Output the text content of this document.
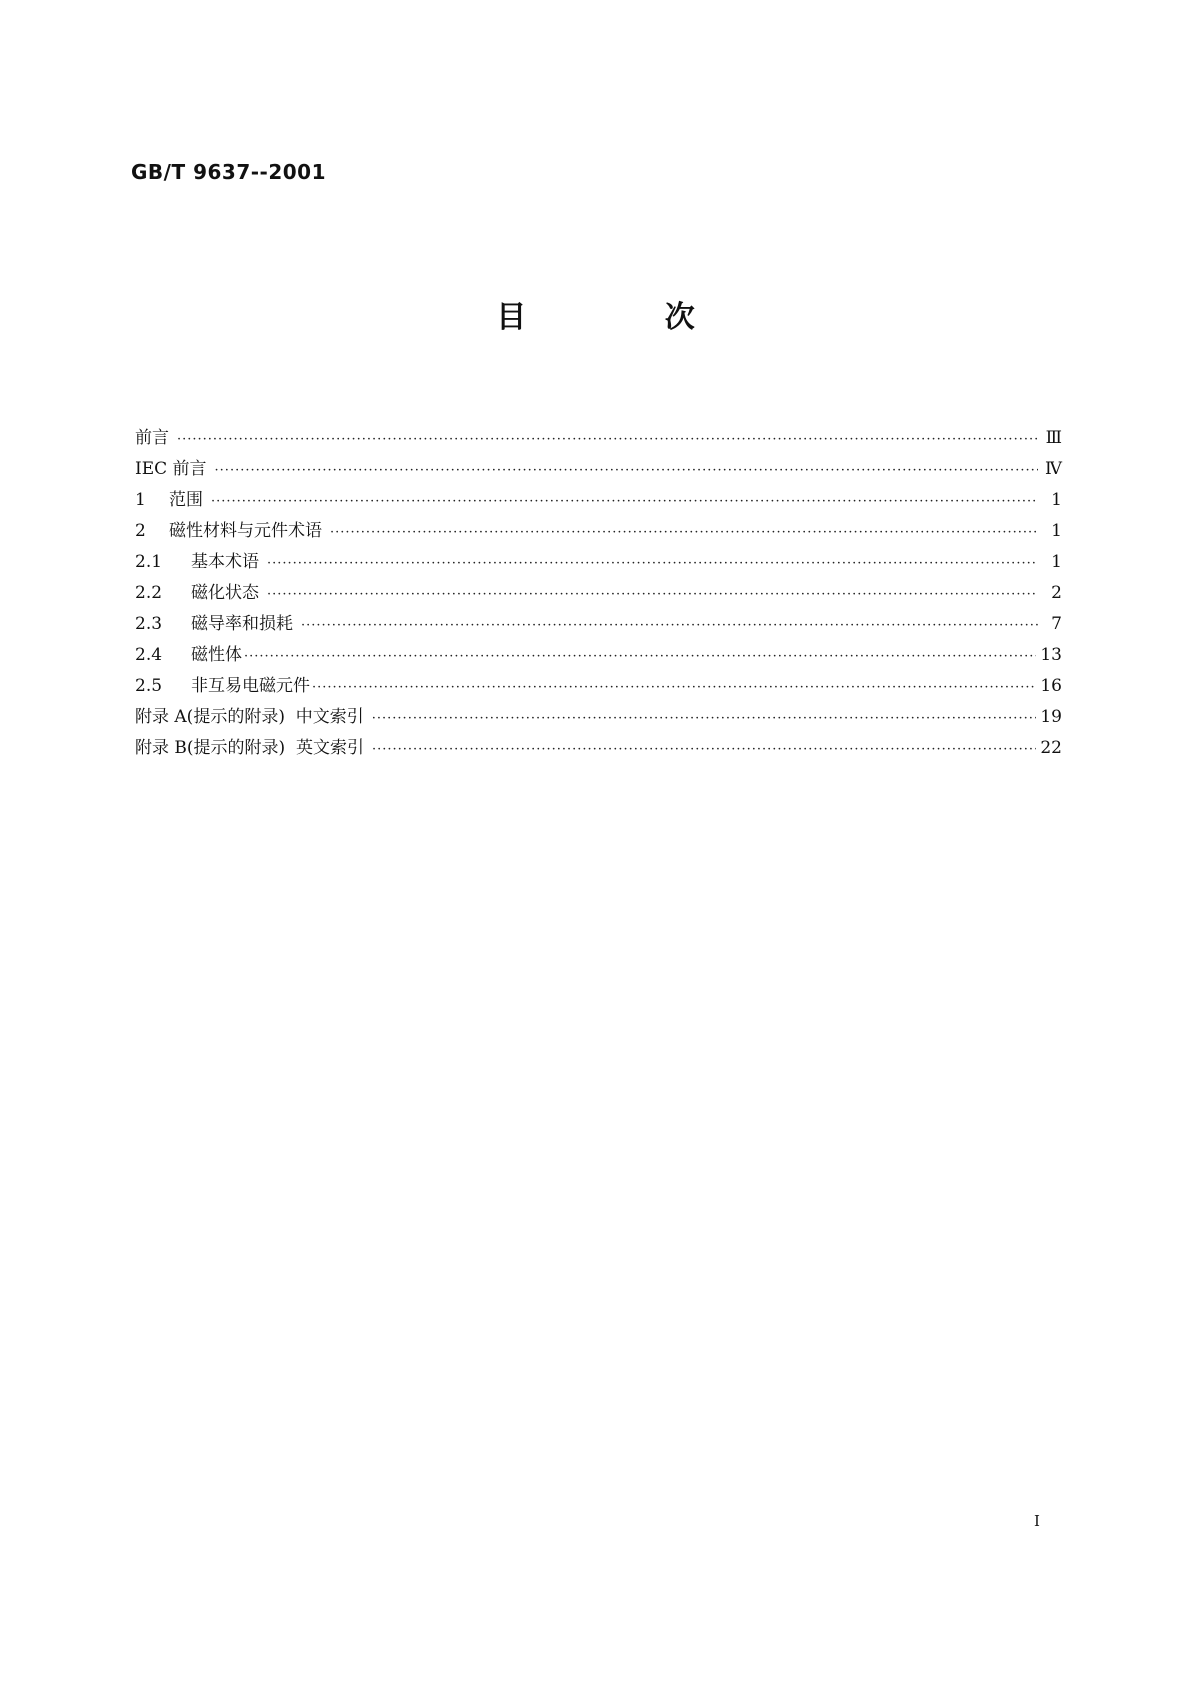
GB/T 9637--2001
目 次
前言 ·····	Ⅲ
IEC 前言 ·····	Ⅳ
1	范围 ·····	1
2	磁性材料与元件术语 ·····	1
2.1	基本术语 ·····	1
2.2	磁化状态 ·····	2
2.3	磁导率和损耗 ·····	7
2.4	磁性体 ·····	13
2.5	非互易电磁元件 ·····	16
附录 A(提示的附录)  中文索引 ·····	19
附录 B(提示的附录)  英文索引 ·····	22
I
